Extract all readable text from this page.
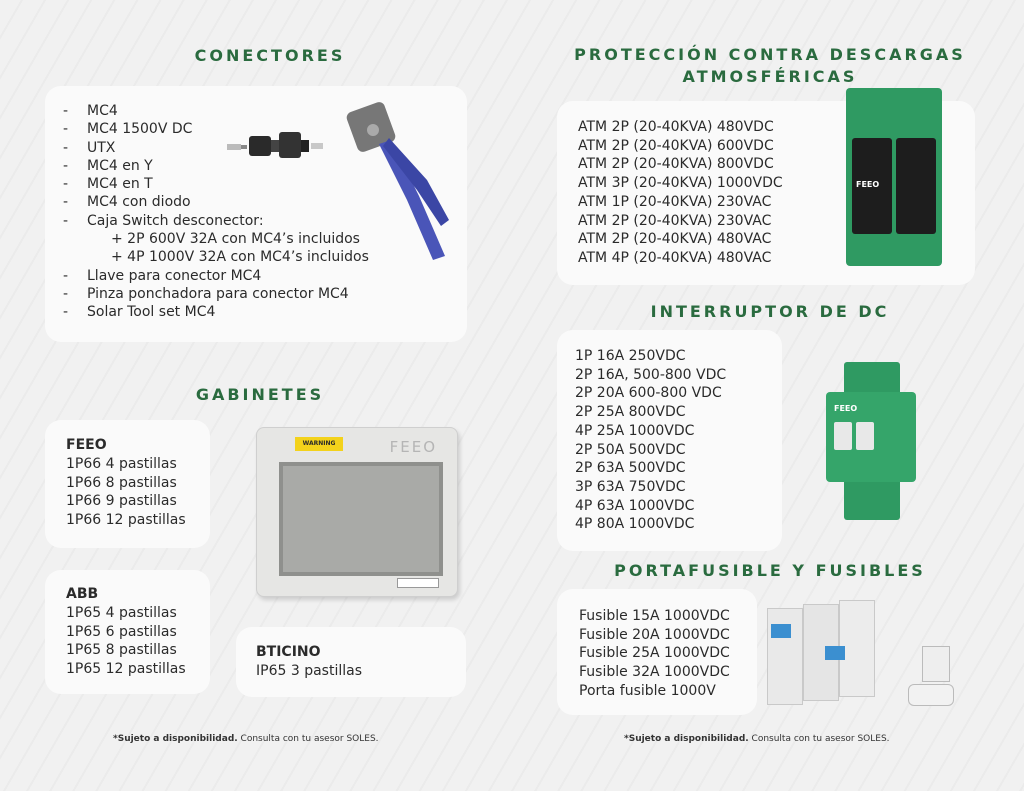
CONECTORES
- MC4
- MC4 1500V DC
- UTX
- MC4 en Y
- MC4 en T
- MC4 con diodo
- Caja Switch desconector:
+ 2P 600V 32A con MC4’s incluidos
+ 4P 1000V 32A con MC4’s incluidos
- Llave para conector MC4
- Pinza ponchadora para conector MC4
- Solar Tool set MC4
GABINETES
FEEO
1P66 4 pastillas
1P66 8 pastillas
1P66 9 pastillas
1P66 12 pastillas
ABB
1P65 4 pastillas
1P65 6 pastillas
1P65 8 pastillas
1P65 12 pastillas
BTICINO
IP65 3 pastillas
WARNING	FEEO
PROTECCIÓN CONTRA DESCARGAS
ATMOSFÉRICAS
ATM 2P (20-40KVA) 480VDC
ATM 2P (20-40KVA) 600VDC
ATM 2P (20-40KVA) 800VDC
ATM 3P (20-40KVA) 1000VDC
ATM 1P (20-40KVA) 230VAC
ATM 2P (20-40KVA) 230VAC
ATM 2P (20-40KVA) 480VAC
ATM 4P (20-40KVA) 480VAC
FEEO
INTERRUPTOR DE DC
1P 16A 250VDC
2P 16A, 500-800 VDC
2P 20A 600-800 VDC
2P 25A 800VDC
4P 25A 1000VDC
2P 50A 500VDC
2P 63A 500VDC
3P 63A 750VDC
4P 63A 1000VDC
4P 80A 1000VDC
FEEO
PORTAFUSIBLE Y FUSIBLES
Fusible 15A 1000VDC
Fusible 20A 1000VDC
Fusible 25A 1000VDC
Fusible 32A 1000VDC
Porta fusible 1000V
*Sujeto a disponibilidad. Consulta con tu asesor SOLES.	*Sujeto a disponibilidad. Consulta con tu asesor SOLES.
